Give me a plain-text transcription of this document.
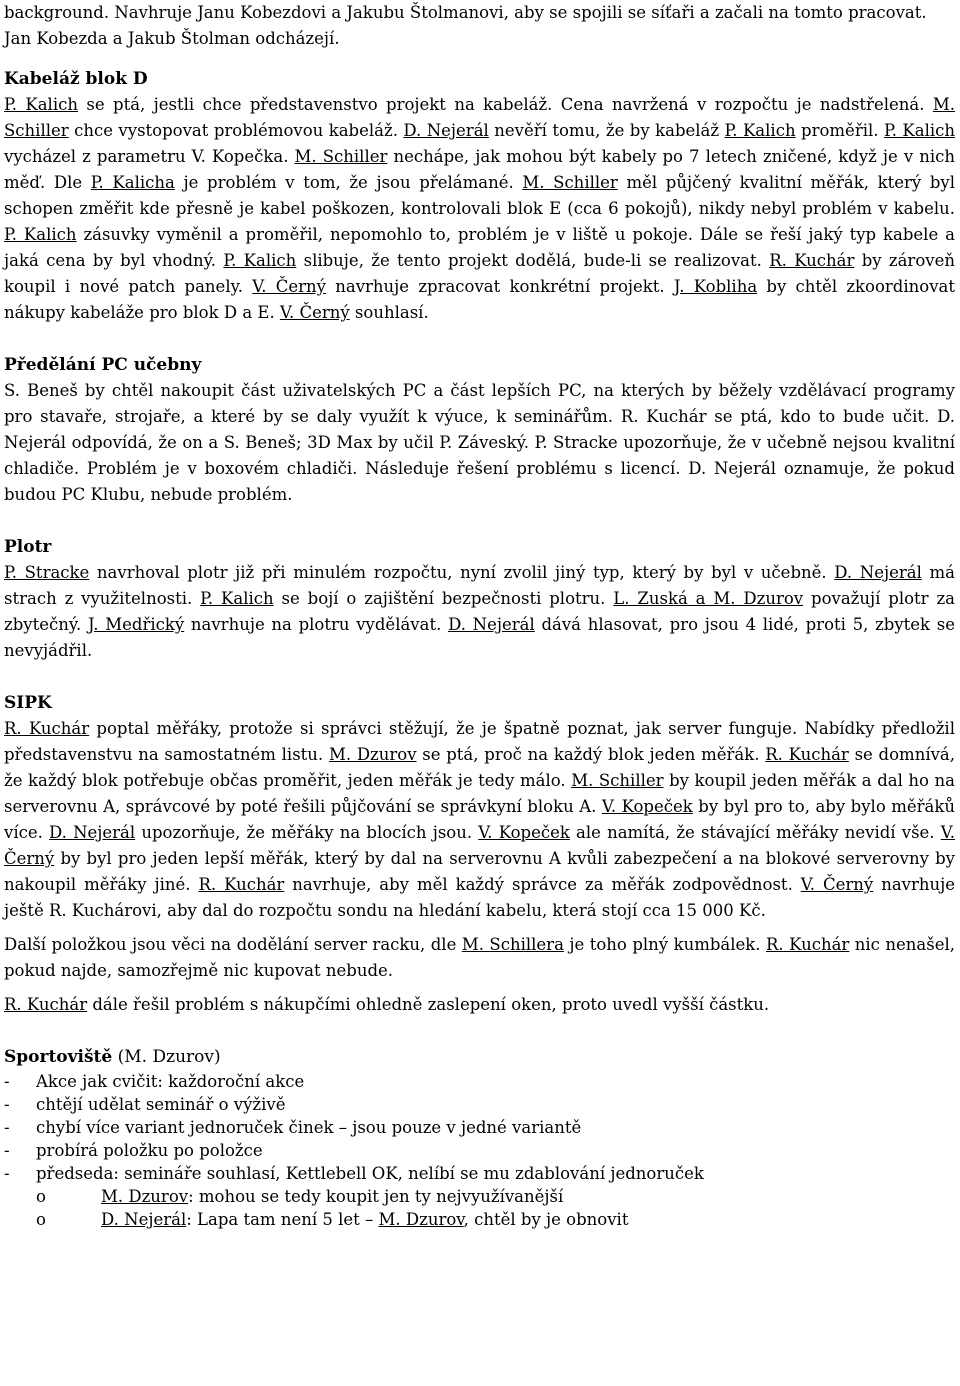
background. Navhruje Janu Kobezdovi a Jakubu Štolmanovi, aby se spojili se síťaři a začali na tomto pracovat.

Jan Kobezda a Jakub Štolman odcházejí.

Kabeláž blok D

P. Kalich se ptá, jestli chce představenstvo projekt na kabeláž. Cena navržená v rozpočtu je nadstřelená. M. Schiller chce vystopovat problémovou kabeláž. D. Nejerál nevěří tomu, že by kabeláž P. Kalich proměřil. P. Kalich vycházel z parametru V. Kopečka. M. Schiller nechápe, jak mohou být kabely po 7 letech zničené, když je v nich měď. Dle P. Kalicha je problém v tom, že jsou přelámané. M. Schiller měl půjčený kvalitní měřák, který byl schopen změřit kde přesně je kabel poškozen, kontrolovali blok E (cca 6 pokojů), nikdy nebyl problém v kabelu. P. Kalich zásuvky vyměnil a proměřil, nepomohlo to, problém je v liště u pokoje. Dále se řeší jaký typ kabele a jaká cena by byl vhodný. P. Kalich slibuje, že tento projekt dodělá, bude-li se realizovat. R. Kuchár by zároveň koupil i nové patch panely. V. Černý navrhuje zpracovat konkrétní projekt. J. Kobliha by chtěl zkoordinovat nákupy kabeláže pro blok D a E. V. Černý souhlasí.

Předělání PC učebny

S. Beneš by chtěl nakoupit část uživatelských PC a část lepších PC, na kterých by běžely vzdělávací programy pro stavaře, strojaře, a které by se daly využít k výuce, k seminářům. R. Kuchár se ptá, kdo to bude učit. D. Nejerál odpovídá, že on a S. Beneš; 3D Max by učil P. Záveský. P. Stracke upozorňuje, že v učebně nejsou kvalitní chladiče. Problém je v boxovém chladiči. Následuje řešení problému s licencí. D. Nejerál oznamuje, že pokud budou PC Klubu, nebude problém.

Plotr

P. Stracke navrhoval plotr již při minulém rozpočtu, nyní zvolil jiný typ, který by byl v učebně. D. Nejerál má strach z využitelnosti. P. Kalich se bojí o zajištění bezpečnosti plotru. L. Zuská a M. Dzurov považují plotr za zbytečný. J. Medřický navrhuje na plotru vydělávat. D. Nejerál dává hlasovat, pro jsou 4 lidé, proti 5, zbytek se nevyjádřil.

SIPK

R. Kuchár poptal měřáky, protože si správci stěžují, že je špatně poznat, jak server funguje. Nabídky předložil představenstvu na samostatném listu. M. Dzurov se ptá, proč na každý blok jeden měřák. R. Kuchár se domnívá, že každý blok potřebuje občas proměřit, jeden měřák je tedy málo. M. Schiller by koupil jeden měřák a dal ho na serverovnu A, správcové by poté řešili půjčování se správkyní bloku A. V. Kopeček by byl pro to, aby bylo měřáků více. D. Nejerál upozorňuje, že měřáky na blocích jsou. V. Kopeček ale namítá, že stávající měřáky nevidí vše. V. Černý by byl pro jeden lepší měřák, který by dal na serverovnu A kvůli zabezpečení a na blokové serverovny by nakoupil měřáky jiné. R. Kuchár navrhuje, aby měl každý správce za měřák zodpovědnost. V. Černý navrhuje ještě R. Kuchárovi, aby dal do rozpočtu sondu na hledání kabelu, která stojí cca 15 000 Kč.

Další položkou jsou věci na dodělání server racku, dle M. Schillera je toho plný kumbálek. R. Kuchár nic nenašel, pokud najde, samozřejmě nic kupovat nebude.

R. Kuchár dále řešil problém s nákupčími ohledně zaslepení oken, proto uvedl vyšší částku.

Sportoviště (M. Dzurov)

- Akce jak cvičit: každoroční akce
- chtějí udělat seminář o výživě
- chybí více variant jednoruček činek – jsou pouze v jedné variantě
- probírá položku po položce
- předseda: semináře souhlasí, Kettlebell OK, nelíbí se mu zdablování jednoruček
o M. Dzurov: mohou se tedy koupit jen ty nejvyužívanější
o D. Nejerál: Lapa tam není 5 let – M. Dzurov, chtěl by je obnovit
